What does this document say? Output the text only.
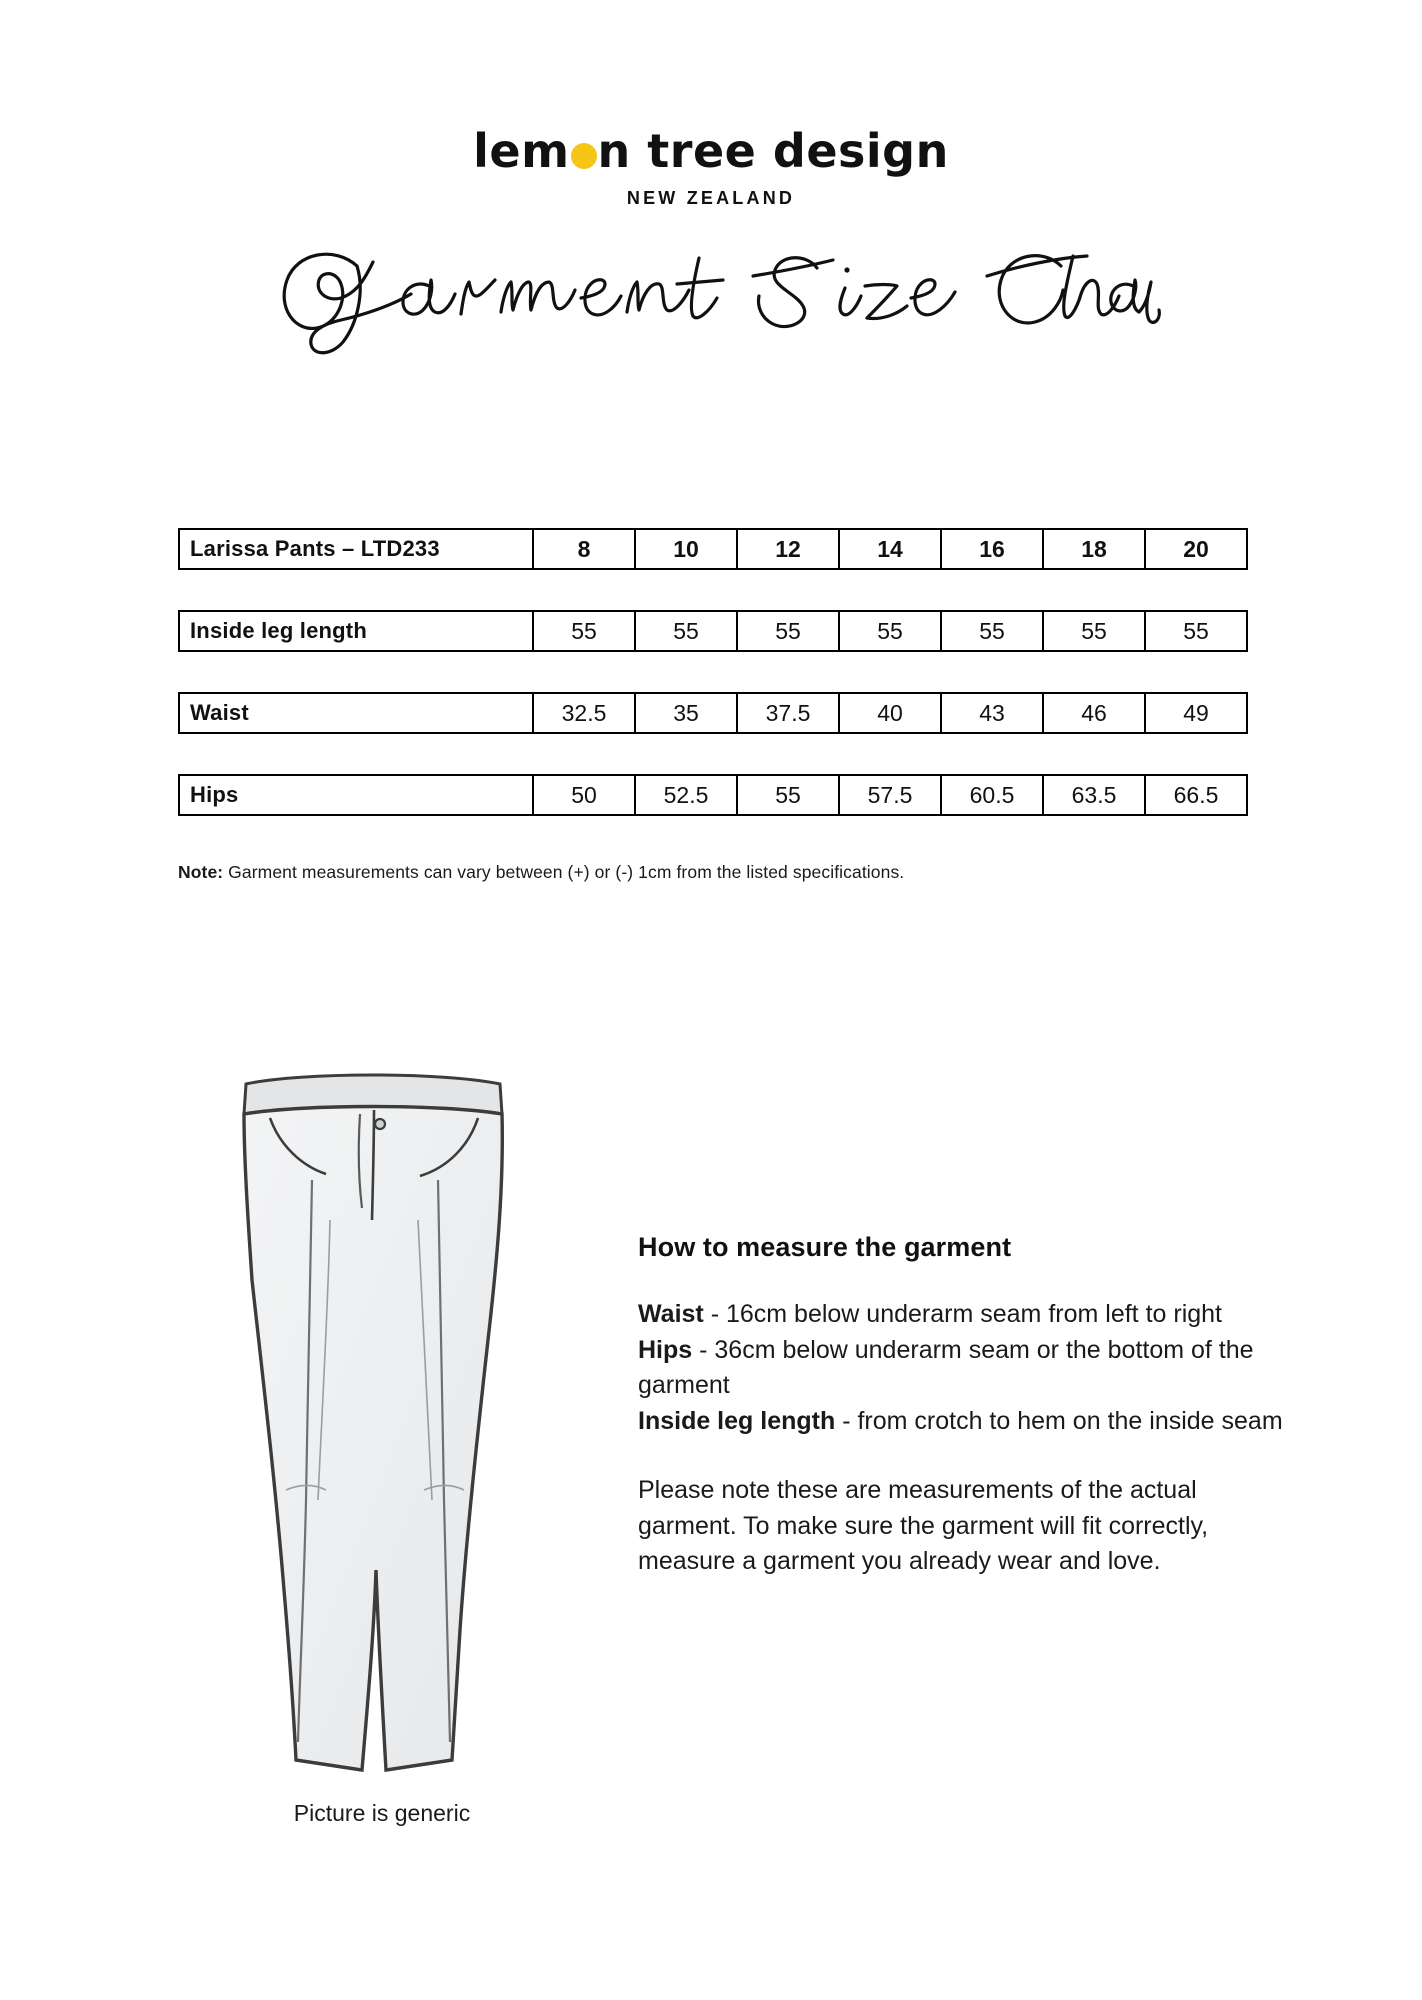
lem n tree design
NEW ZEALAND
Larissa Pants – LTD233	8	10	12	14	16	18	20
Inside leg length	55	55	55	55	55	55	55
Waist	32.5	35	37.5	40	43	46	49
Hips	50	52.5	55	57.5	60.5	63.5	66.5
Note: Garment measurements can vary between (+) or (-) 1cm from the listed specifications.
Picture is generic
How to measure the garment

Waist - 16cm below underarm seam from left to right
Hips - 36cm below underarm seam or the bottom of the garment
Inside leg length - from crotch to hem on the inside seam

Please note these are measurements of the actual garment. To make sure the garment will fit correctly, measure a garment you already wear and love.
